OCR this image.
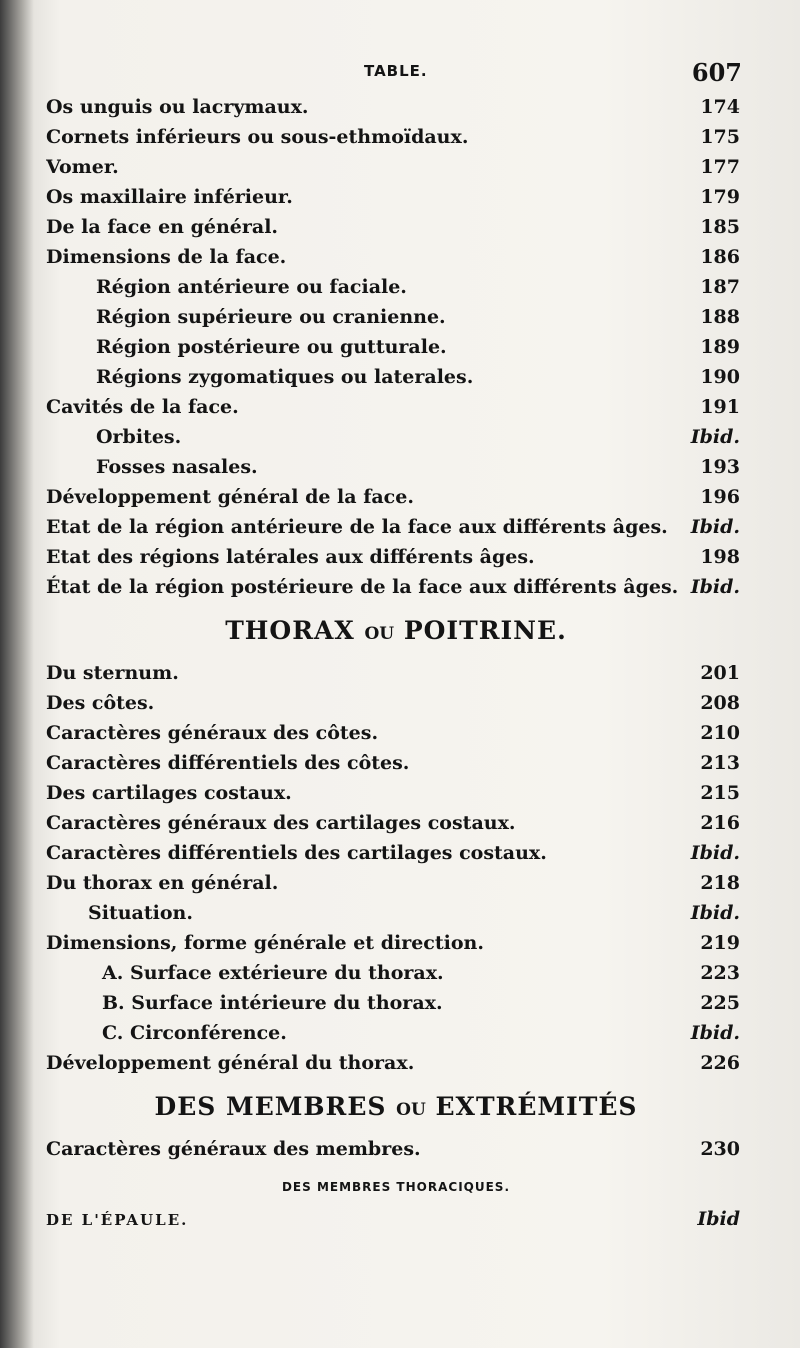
TABLE.	607
Os unguis ou lacrymaux.	174
Cornets inférieurs ou sous-ethmoïdaux.	175
Vomer.	177
Os maxillaire inférieur.	179
De la face en général.	185
Dimensions de la face.	186
Région antérieure ou faciale.	187
Région supérieure ou cranienne.	188
Région postérieure ou gutturale.	189
Régions zygomatiques ou laterales.	190
Cavités de la face.	191
Orbites.	Ibid.
Fosses nasales.	193
Développement général de la face.	196
Etat de la région antérieure de la face aux différents âges. Ibid.
Etat des régions latérales aux différents âges.	198
État de la région postérieure de la face aux différents âges. Ibid.
THORAX OU POITRINE.
Du sternum.	201
Des côtes.	208
Caractères généraux des côtes.	210
Caractères différentiels des côtes.	213
Des cartilages costaux.	215
Caractères généraux des cartilages costaux.	216
Caractères différentiels des cartilages costaux.	Ibid.
Du thorax en général.	218
Situation.	Ibid.
Dimensions, forme générale et direction.	219
A. Surface extérieure du thorax.	223
B. Surface intérieure du thorax.	225
C. Circonférence.	Ibid.
Développement général du thorax.	226
DES MEMBRES OU EXTRÉMITÉS
Caractères généraux des membres.	230
DES MEMBRES THORACIQUES.
DE L'ÉPAULE.	Ibid
